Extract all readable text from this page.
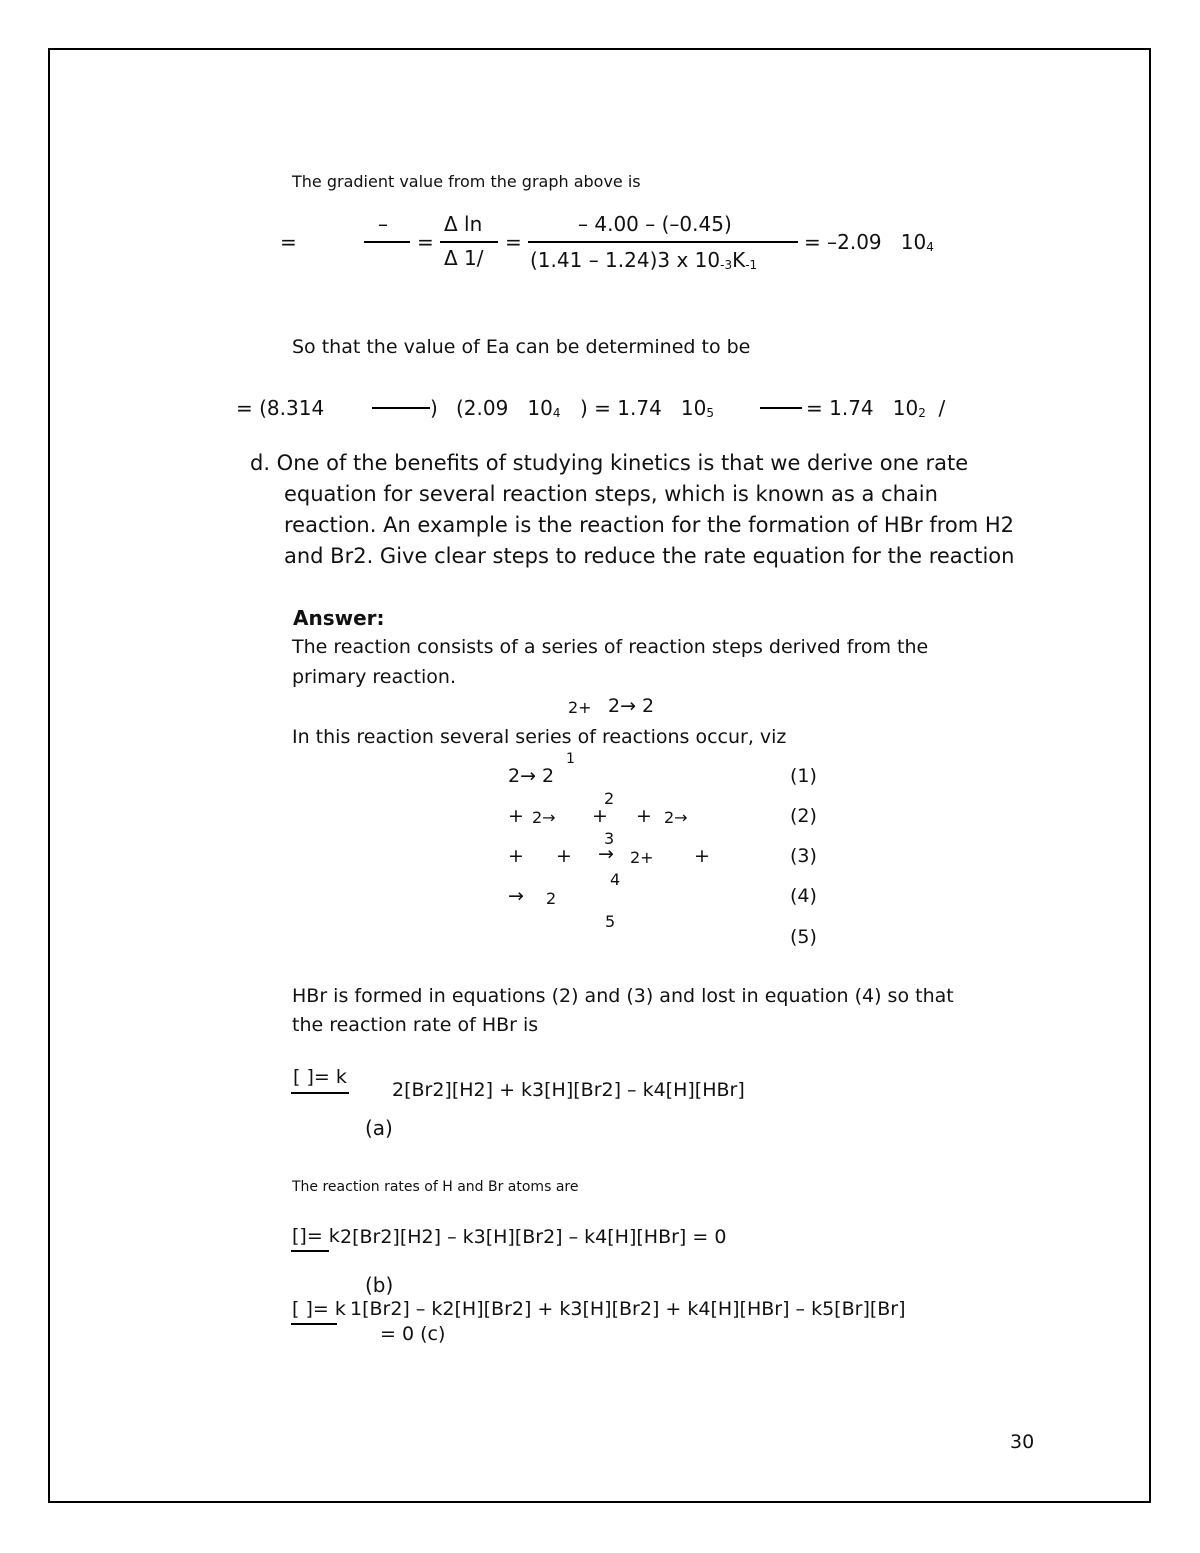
The gradient value from the graph above is
=
–
=
Δ ln
Δ 1/
=
– 4.00 – (–0.45)
(1.41 – 1.24)3 x $10_{-3}K_{-1}$
= –2.09 $10_4$
So that the value of Ea can be determined to be
= (8.314	) (2.09 $10_4$ ) = 1.74 $10_5$	= 1.74 $10_2$ /
d. One of the benefits of studying kinetics is that we derive one rate
equation for several reaction steps, which is known as a chain
reaction. An example is the reaction for the formation of HBr from H2
and Br2. Give clear steps to reduce the rate equation for the reaction
Answer:
The reaction consists of a series of reaction steps derived from the
primary reaction.
2+ 2→ 2
In this reaction several series of reactions occur, viz
1
2→ 2	(1)
2
+ 2→ + + 2→	(2)
3
+ + → 2+ +	(3)
4
→ 2	(4)
5
(5)
HBr is formed in equations (2) and (3) and lost in equation (4) so that
the reaction rate of HBr is
[ ]= k
2[Br2][H2] + k3[H][Br2] – k4[H][HBr]
(a)
The reaction rates of H and Br atoms are
[]= k 2[Br2][H2] – k3[H][Br2] – k4[H][HBr] = 0
(b)
[ ]= k 1[Br2] – k2[H][Br2] + k3[H][Br2] + k4[H][HBr] – k5[Br][Br]
= 0 (c)
30
